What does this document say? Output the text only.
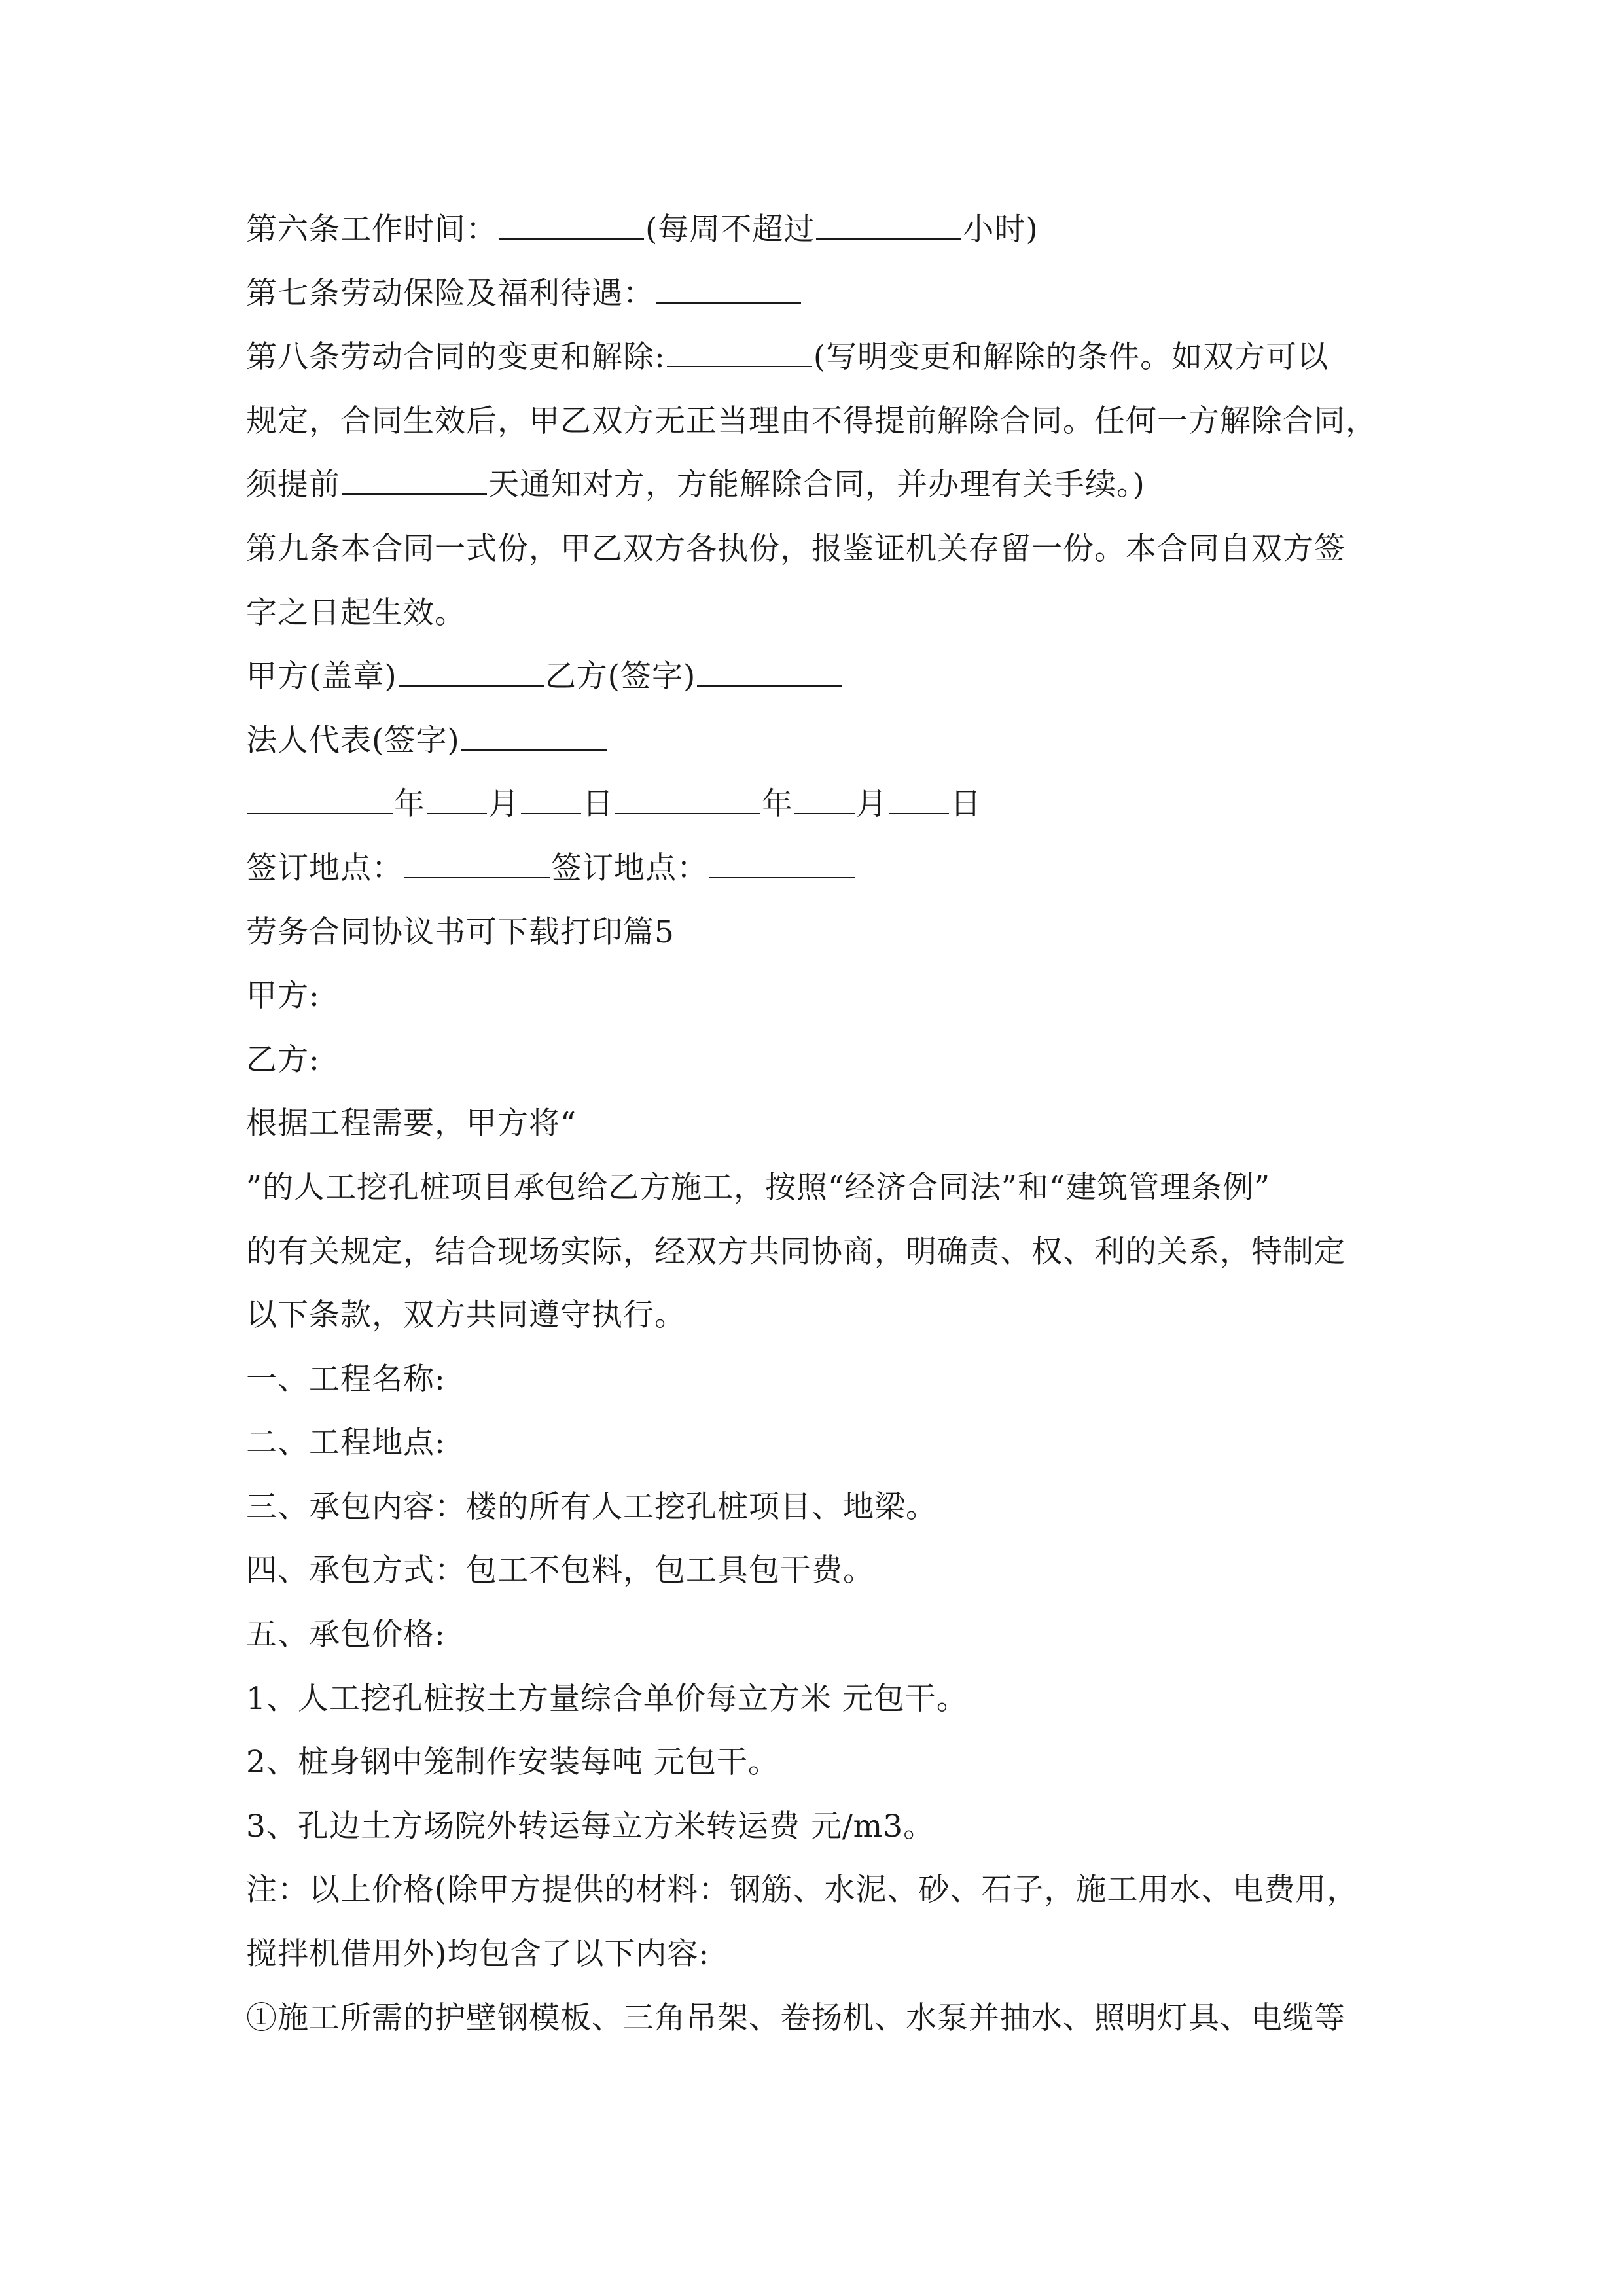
第六条工作时间：	(每周不超过	小时)
第七条劳动保险及福利待遇：
第八条劳动合同的变更和解除:	(写明变更和解除的条件。如双方可以
规定，合同生效后，甲乙双方无正当理由不得提前解除合同。任何一方解除合同，
须提前	天通知对方，方能解除合同，并办理有关手续。)
第九条本合同一式份，甲乙双方各执份，报鉴证机关存留一份。本合同自双方签
字之日起生效。
甲方(盖章)	乙方(签字)
法人代表(签字)
年 月 日	年 月 日
签订地点：	签订地点：
劳务合同协议书可下载打印篇5
甲方:
乙方:
根据工程需要，甲方将“
”的人工挖孔桩项目承包给乙方施工，按照“经济合同法”和“建筑管理条例”
的有关规定，结合现场实际，经双方共同协商，明确责、权、利的关系，特制定
以下条款，双方共同遵守执行。
一、工程名称:
二、工程地点:
三、承包内容：楼的所有人工挖孔桩项目、地梁。
四、承包方式：包工不包料，包工具包干费。
五、承包价格:
1、人工挖孔桩按土方量综合单价每立方米 元包干。
2、桩身钢中笼制作安装每吨 元包干。
3、孔边土方场院外转运每立方米转运费 元/m3。
注：以上价格(除甲方提供的材料：钢筋、水泥、砂、石子，施工用水、电费用，
搅拌机借用外)均包含了以下内容:
①施工所需的护壁钢模板、三角吊架、卷扬机、水泵并抽水、照明灯具、电缆等
